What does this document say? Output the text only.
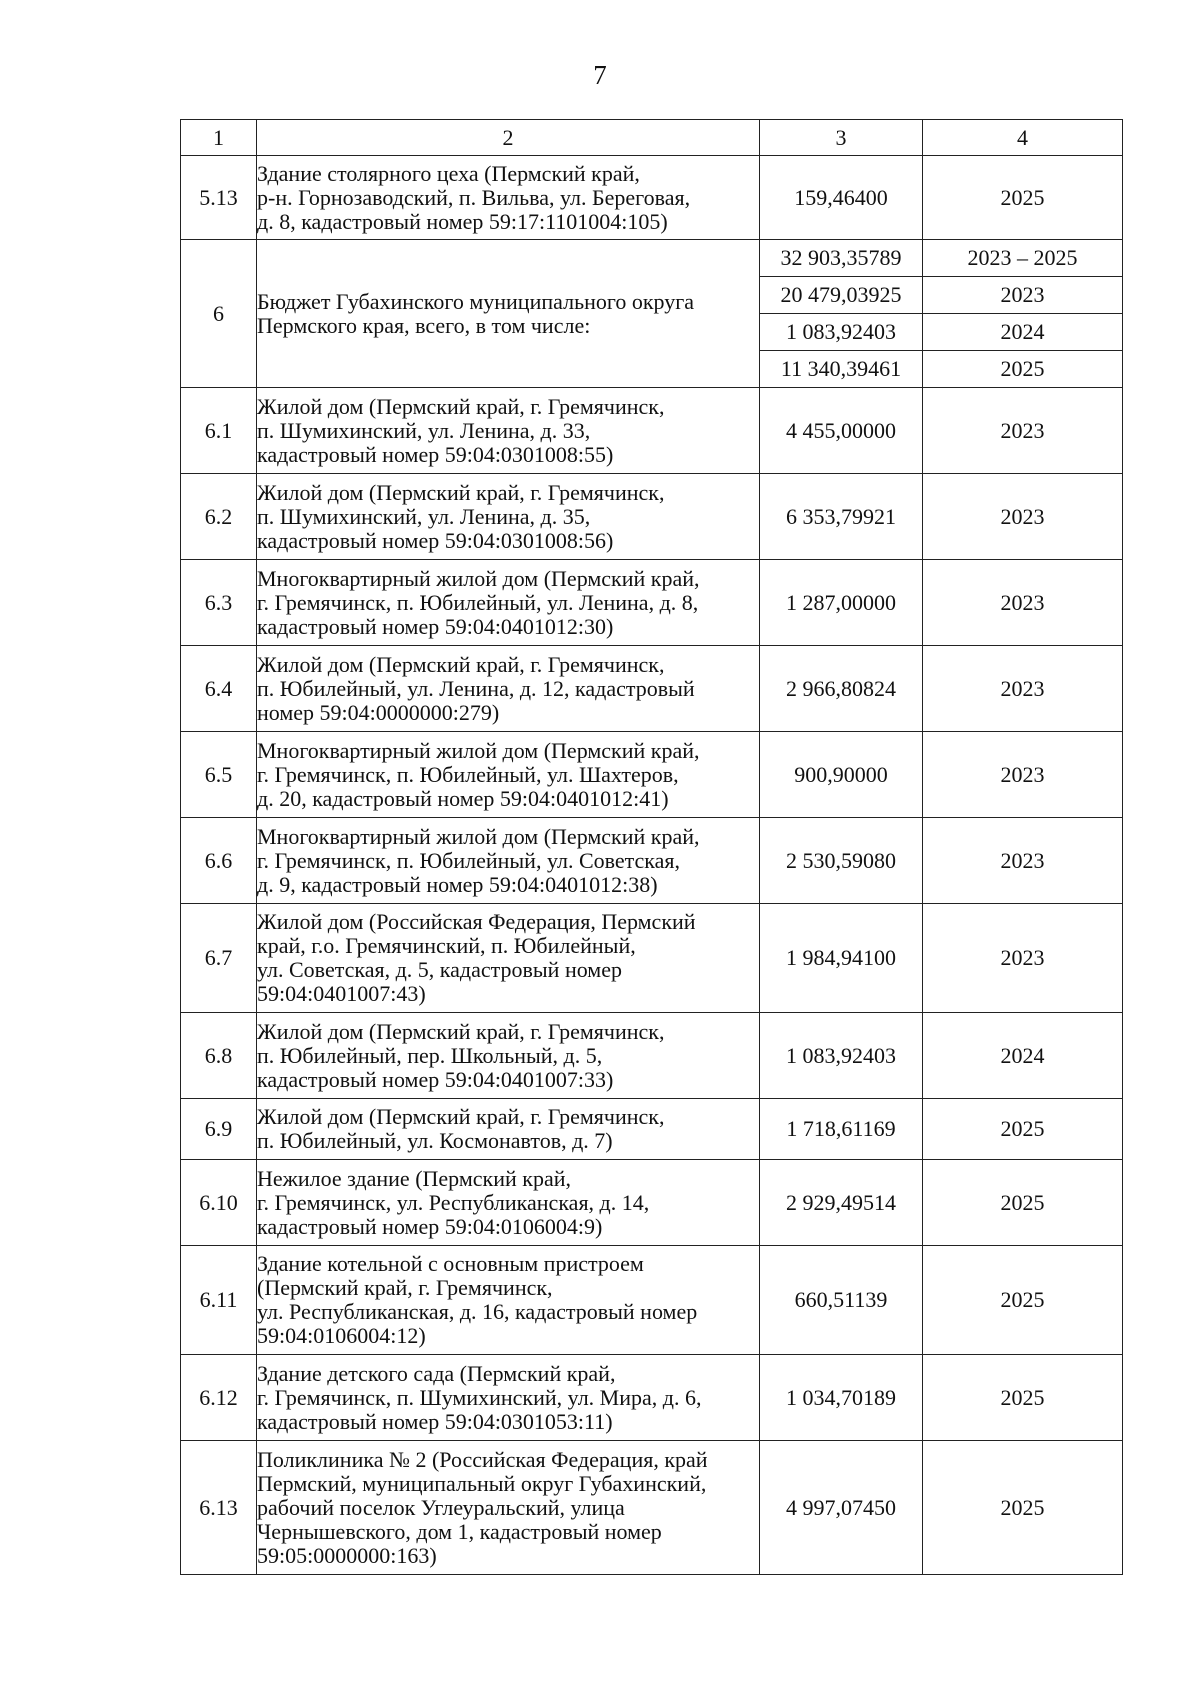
7
1	2	3	4
5.13	Здание столярного цеха (Пермский край,
р-н. Горнозаводский, п. Вильва, ул. Береговая,
д. 8, кадастровый номер 59:17:1101004:105)	159,46400	2025
6	Бюджет Губахинского муниципального округа
Пермского края, всего, в том числе:	32 903,35789	2023 – 2025
		20 479,03925	2023
		1 083,92403	2024
		11 340,39461	2025
6.1	Жилой дом (Пермский край, г. Гремячинск,
п. Шумихинский, ул. Ленина, д. 33,
кадастровый номер 59:04:0301008:55)	4 455,00000	2023
6.2	Жилой дом (Пермский край, г. Гремячинск,
п. Шумихинский, ул. Ленина, д. 35,
кадастровый номер 59:04:0301008:56)	6 353,79921	2023
6.3	Многоквартирный жилой дом (Пермский край,
г. Гремячинск, п. Юбилейный, ул. Ленина, д. 8,
кадастровый номер 59:04:0401012:30)	1 287,00000	2023
6.4	Жилой дом (Пермский край, г. Гремячинск,
п. Юбилейный, ул. Ленина, д. 12, кадастровый
номер 59:04:0000000:279)	2 966,80824	2023
6.5	Многоквартирный жилой дом (Пермский край,
г. Гремячинск, п. Юбилейный, ул. Шахтеров,
д. 20, кадастровый номер 59:04:0401012:41)	900,90000	2023
6.6	Многоквартирный жилой дом (Пермский край,
г. Гремячинск, п. Юбилейный, ул. Советская,
д. 9, кадастровый номер 59:04:0401012:38)	2 530,59080	2023
6.7	Жилой дом (Российская Федерация, Пермский
край, г.о. Гремячинский, п. Юбилейный,
ул. Советская, д. 5, кадастровый номер
59:04:0401007:43)	1 984,94100	2023
6.8	Жилой дом (Пермский край, г. Гремячинск,
п. Юбилейный, пер. Школьный, д. 5,
кадастровый номер 59:04:0401007:33)	1 083,92403	2024
6.9	Жилой дом (Пермский край, г. Гремячинск,
п. Юбилейный, ул. Космонавтов, д. 7)	1 718,61169	2025
6.10	Нежилое здание (Пермский край,
г. Гремячинск, ул. Республиканская, д. 14,
кадастровый номер 59:04:0106004:9)	2 929,49514	2025
6.11	Здание котельной с основным пристроем
(Пермский край, г. Гремячинск,
ул. Республиканская, д. 16, кадастровый номер
59:04:0106004:12)	660,51139	2025
6.12	Здание детского сада (Пермский край,
г. Гремячинск, п. Шумихинский, ул. Мира, д. 6,
кадастровый номер 59:04:0301053:11)	1 034,70189	2025
6.13	Поликлиника № 2 (Российская Федерация, край
Пермский, муниципальный округ Губахинский,
рабочий поселок Углеуральский, улица
Чернышевского, дом 1, кадастровый номер
59:05:0000000:163)	4 997,07450	2025
